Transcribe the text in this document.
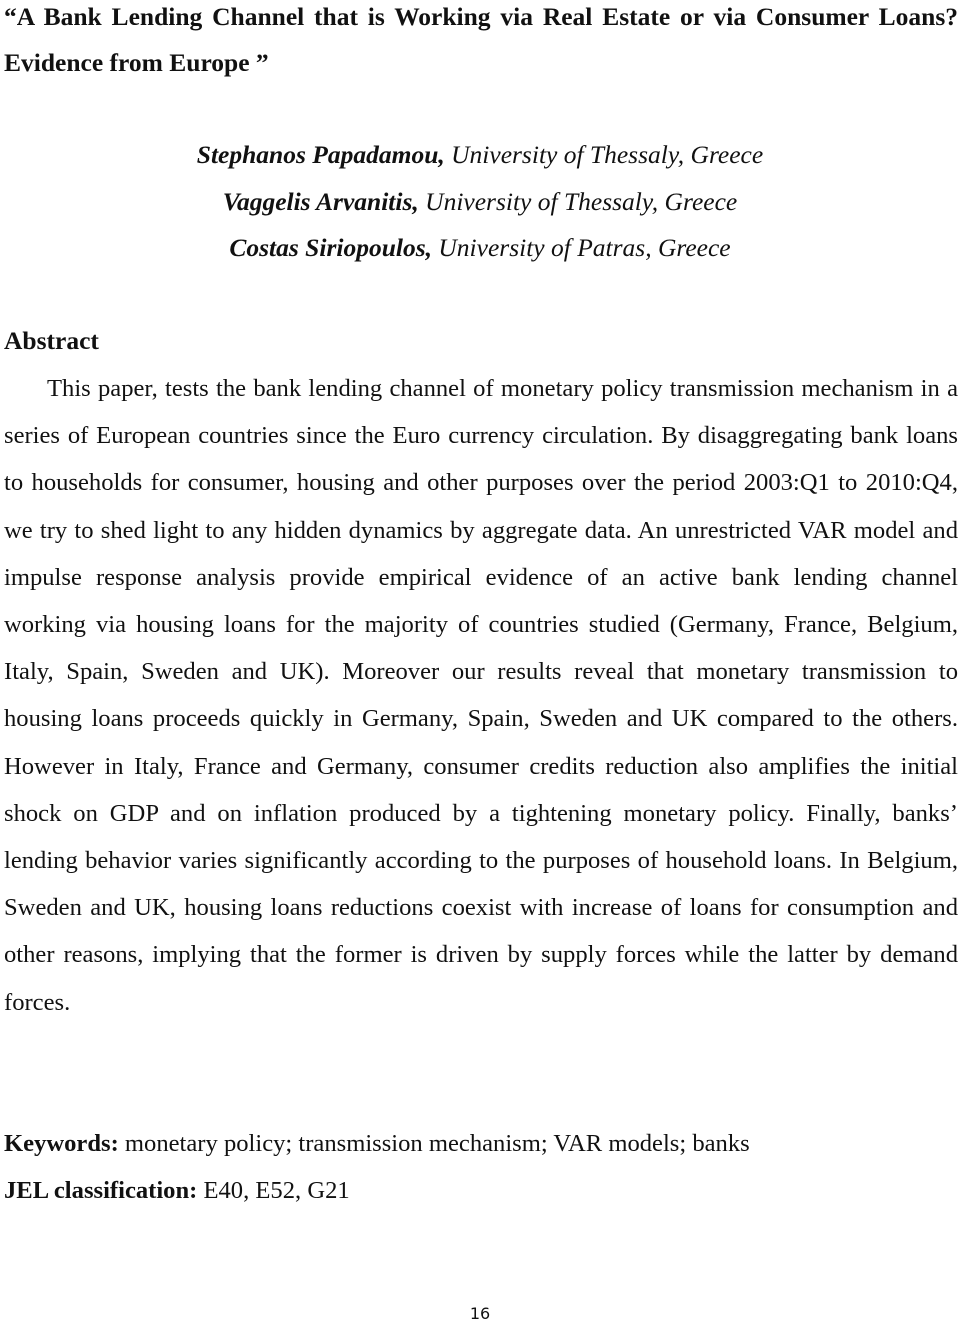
“A Bank Lending Channel that is Working via Real Estate or via Consumer Loans? Evidence from Europe ”
Stephanos Papadamou, University of Thessaly, Greece
Vaggelis Arvanitis, University of Thessaly, Greece
Costas Siriopoulos, University of Patras, Greece
Abstract
This paper, tests the bank lending channel of monetary policy transmission mechanism in a series of European countries since the Euro currency circulation. By disaggregating bank loans to households for consumer, housing and other purposes over the period 2003:Q1 to 2010:Q4, we try to shed light to any hidden dynamics by aggregate data. An unrestricted VAR model and impulse response analysis provide empirical evidence of an active bank lending channel working via housing loans for the majority of countries studied (Germany, France, Belgium, Italy, Spain, Sweden and UK). Moreover our results reveal that monetary transmission to housing loans proceeds quickly in Germany, Spain, Sweden and UK compared to the others. However in Italy, France and Germany, consumer credits reduction also amplifies the initial shock on GDP and on inflation produced by a tightening monetary policy. Finally, banks’ lending behavior varies significantly according to the purposes of household loans. In Belgium, Sweden and UK, housing loans reductions coexist with increase of loans for consumption and other reasons, implying that the former is driven by supply forces while the latter by demand forces.
Keywords: monetary policy; transmission mechanism; VAR models; banks
JEL classification: E40, E52, G21
16
